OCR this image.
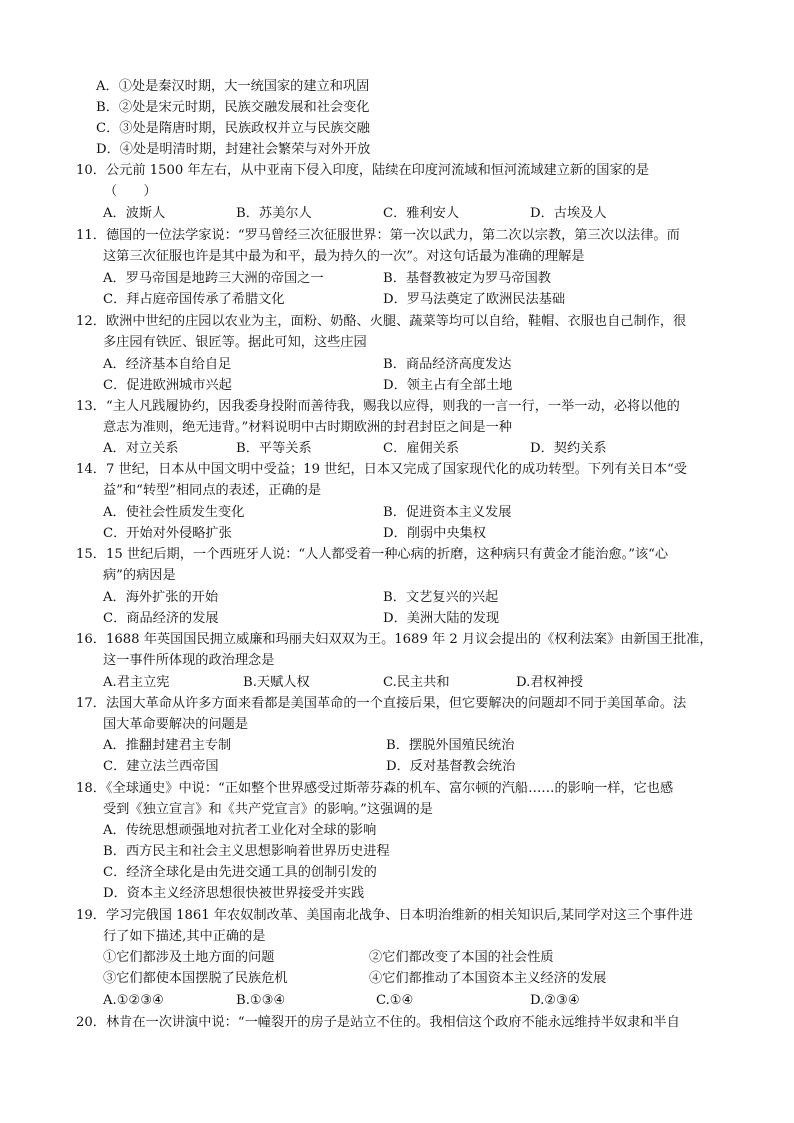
A．①处是秦汉时期，大一统国家的建立和巩固
B．②处是宋元时期，民族交融发展和社会变化
C．③处是隋唐时期，民族政权并立与民族交融
D．④处是明清时期，封建社会繁荣与对外开放
10．公元前 1500 年左右，从中亚南下侵入印度，陆续在印度河流域和恒河流域建立新的国家的是
（　　）
A．波斯人	B．苏美尔人	C．雅利安人	D．古埃及人
11．德国的一位法学家说：“罗马曾经三次征服世界：第一次以武力，第二次以宗教，第三次以法律。而
这第三次征服也许是其中最为和平，最为持久的一次”。对这句话最为准确的理解是
A．罗马帝国是地跨三大洲的帝国之一	B．基督教被定为罗马帝国教
C．拜占庭帝国传承了希腊文化	D．罗马法奠定了欧洲民法基础
12．欧洲中世纪的庄园以农业为主，面粉、奶酪、火腿、蔬菜等均可以自给，鞋帽、衣服也自己制作，很
多庄园有铁匠、银匠等。据此可知，这些庄园
A．经济基本自给自足	B．商品经济高度发达
C．促进欧洲城市兴起	D．领主占有全部土地
13．“主人凡践履协约，因我委身投附而善待我，赐我以应得，则我的一言一行，一举一动，必将以他的
意志为准则，绝无违背。”材料说明中古时期欧洲的封君封臣之间是一种
A．对立关系	B．平等关系	C．雇佣关系	D．契约关系
14．7 世纪，日本从中国文明中受益；19 世纪，日本又完成了国家现代化的成功转型。下列有关日本“受
益”和“转型”相同点的表述，正确的是
A．使社会性质发生变化	B．促进资本主义发展
C．开始对外侵略扩张	D．削弱中央集权
15．15 世纪后期，一个西班牙人说：“人人都受着一种心病的折磨，这种病只有黄金才能治愈。”该“心
病”的病因是
A．海外扩张的开始	B．文艺复兴的兴起
C．商品经济的发展	D．美洲大陆的发现
16．1688 年英国国民拥立威廉和玛丽夫妇双双为王。1689 年 2 月议会提出的《权利法案》由新国王批准，
这一事件所体现的政治理念是
A.君主立宪	B.天赋人权	C.民主共和	D.君权神授
17．法国大革命从许多方面来看都是美国革命的一个直接后果，但它要解决的问题却不同于美国革命。法
国大革命要解决的问题是
A．推翻封建君主专制	B．摆脱外国殖民统治
C．建立法兰西帝国	D．反对基督教会统治
18．《全球通史》中说：“正如整个世界感受过斯蒂芬森的机车、富尔顿的汽船……的影响一样，它也感
受到《独立宣言》和《共产党宣言》的影响。”这强调的是
A．传统思想顽强地对抗者工业化对全球的影响
B．西方民主和社会主义思想影响着世界历史进程
C．经济全球化是由先进交通工具的创制引发的
D．资本主义经济思想很快被世界接受并实践
19．学习完俄国 1861 年农奴制改革、美国南北战争、日本明治维新的相关知识后,某同学对这三个事件进
行了如下描述,其中正确的是
①它们都涉及土地方面的问题	②它们都改变了本国的社会性质
③它们都使本国摆脱了民族危机	④它们都推动了本国资本主义经济的发展
A.①②③④	B.①③④	C.①④	D.②③④
20．林肯在一次讲演中说：“一幢裂开的房子是站立不住的。我相信这个政府不能永远维持半奴隶和半自
